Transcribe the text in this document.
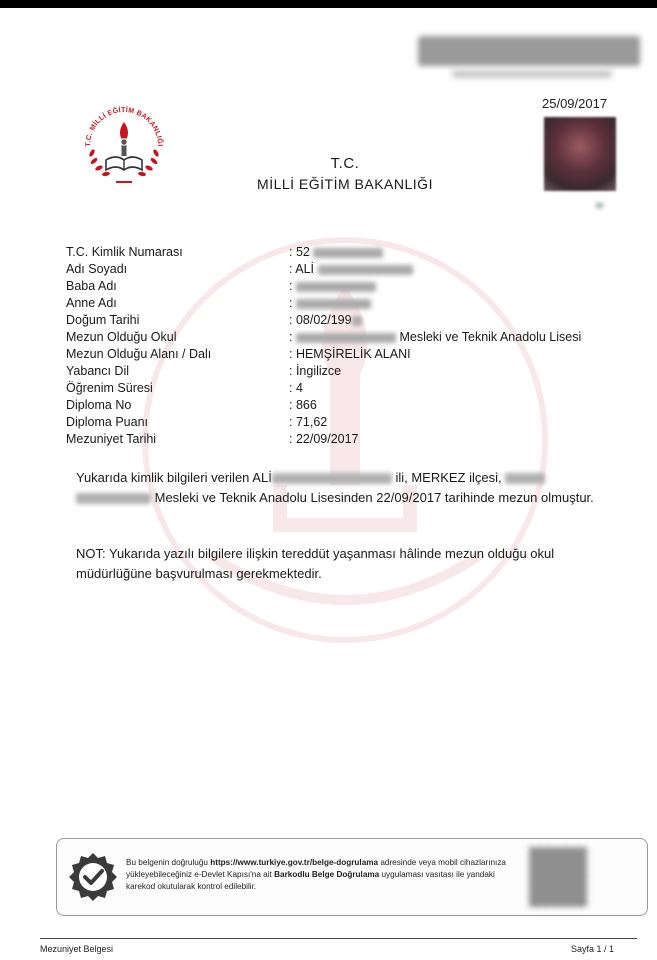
25/09/2017
T.C. MİLLİ EĞİTİM BAKANLIĞI
T.C.
MİLLİ EĞİTİM BAKANLIĞI
T.C. Kimlik Numarası	: 52
Adı Soyadı	: ALİ
Baba Adı	:
Anne Adı	:
Doğum Tarihi	: 08/02/199
Mezun Olduğu Okul	:	Mesleki ve Teknik Anadolu Lisesi
Mezun Olduğu Alanı / Dalı	: HEMŞİRELİK ALANI
Yabancı Dil	: İngilizce
Öğrenim Süresi	: 4
Diploma No	: 866
Diploma Puanı	: 71,62
Mezuniyet Tarihi	: 22/09/2017
Yukarıda kimlik bilgileri verilen ALİ	ili, MERKEZ ilçesi,   Mesleki ve Teknik Anadolu Lisesinden 22/09/2017 tarihinde mezun olmuştur.
NOT: Yukarıda yazılı bilgilere ilişkin tereddüt yaşanması hâlinde mezun olduğu okul müdürlüğüne başvurulması gerekmektedir.
Bu belgenin doğruluğu https://www.turkiye.gov.tr/belge-dogrulama adresinde veya mobil cihazlarınıza yükleyebileceğiniz e-Devlet Kapısı'na ait Barkodlu Belge Doğrulama uygulaması vasıtası ile yandaki karekod okutularak kontrol edilebilir.
Mezuniyet Belgesi	Sayfa 1 / 1
